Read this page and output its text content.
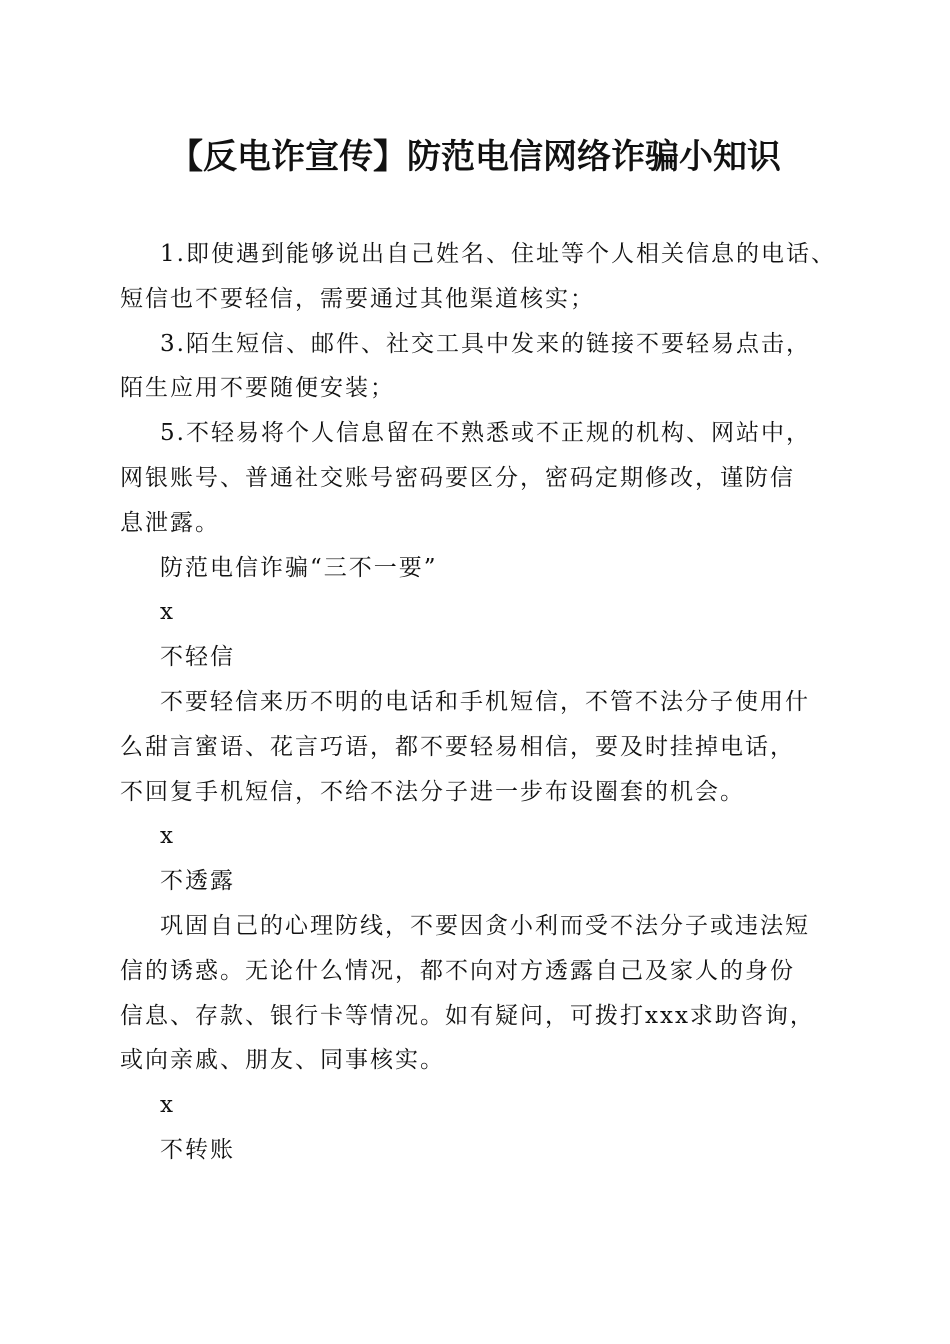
【反电诈宣传】防范电信网络诈骗小知识
1.即使遇到能够说出自己姓名、住址等个人相关信息的电话、
短信也不要轻信，需要通过其他渠道核实；
3.陌生短信、邮件、社交工具中发来的链接不要轻易点击，
陌生应用不要随便安装；
5.不轻易将个人信息留在不熟悉或不正规的机构、网站中，
网银账号、普通社交账号密码要区分，密码定期修改，谨防信
息泄露。
防范电信诈骗“三不一要”
x
不轻信
不要轻信来历不明的电话和手机短信，不管不法分子使用什
么甜言蜜语、花言巧语，都不要轻易相信，要及时挂掉电话，
不回复手机短信，不给不法分子进一步布设圈套的机会。
x
不透露
巩固自己的心理防线，不要因贪小利而受不法分子或违法短
信的诱惑。无论什么情况，都不向对方透露自己及家人的身份
信息、存款、银行卡等情况。如有疑问，可拨打xxx求助咨询，
或向亲戚、朋友、同事核实。
x
不转账
